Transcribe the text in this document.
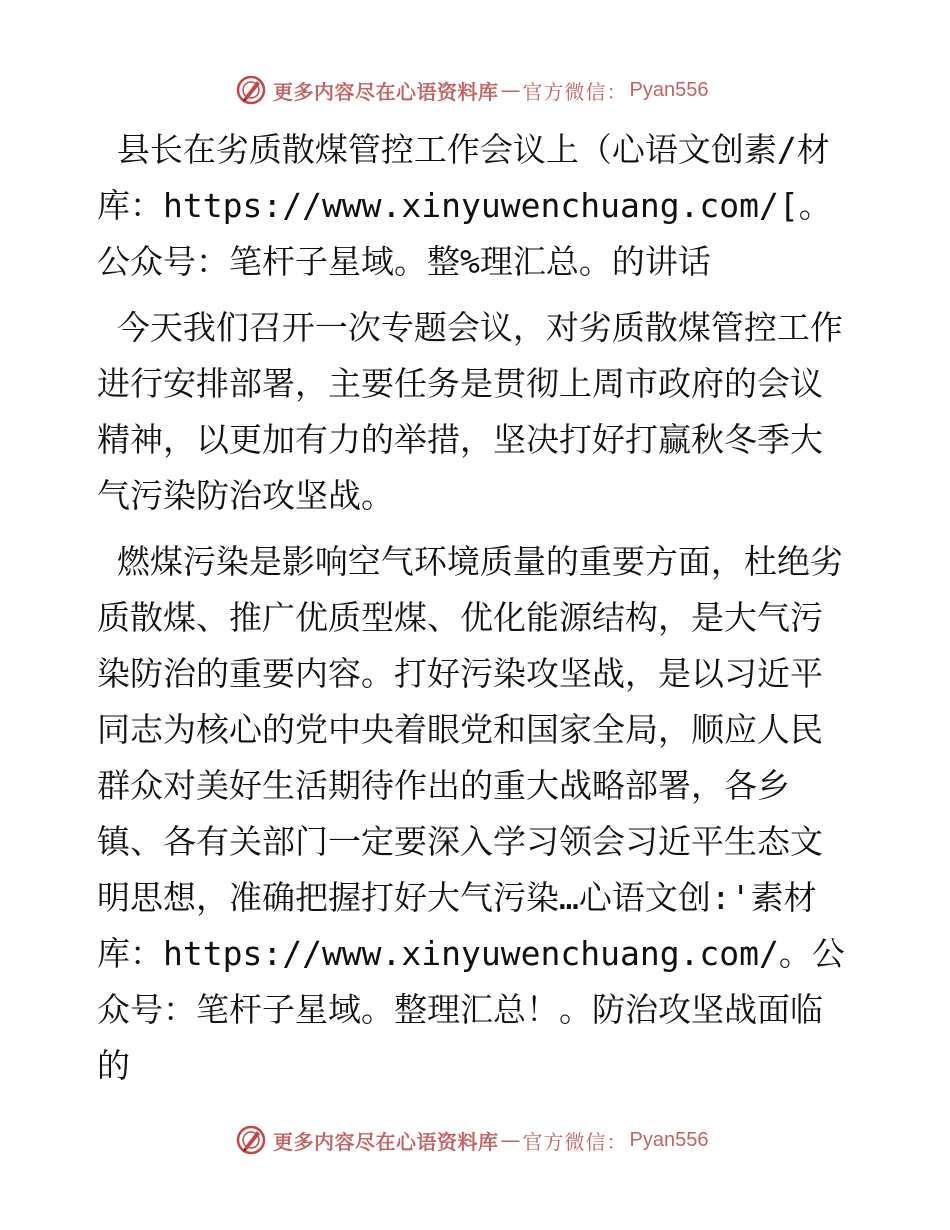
更多内容尽在心语资料库 — 官方微信： Pyan556

县长在劣质散煤管控工作会议上（心语文创素/材库：https://www.xinyuwenchuang.com/[。公众号：笔杆子星域。整%理汇总。的讲话

今天我们召开一次专题会议，对劣质散煤管控工作进行安排部署，主要任务是贯彻上周市政府的会议精神，以更加有力的举措，坚决打好打赢秋冬季大气污染防治攻坚战。

燃煤污染是影响空气环境质量的重要方面，杜绝劣质散煤、推广优质型煤、优化能源结构，是大气污染防治的重要内容。打好污染攻坚战，是以习近平同志为核心的党中央着眼党和国家全局，顺应人民群众对美好生活期待作出的重大战略部署，各乡镇、各有关部门一定要深入学习领会习近平生态文明思想，准确把握打好大气污染…心语文创:'素材库：https://www.xinyuwenchuang.com/。公众号：笔杆子星域。整理汇总！。防治攻坚战面临的

更多内容尽在心语资料库 — 官方微信： Pyan556
